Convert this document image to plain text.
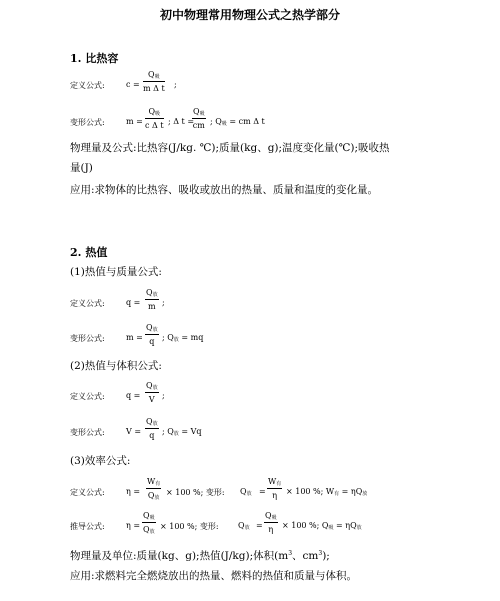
初中物理常用物理公式之热学部分
1. 比热容
定义公式:	c =
$Q_吸$
m Δ t ;
变形公式:	m =
$Q_吸$
c Δ t ; Δ t =
$Q_吸$
cm ; $Q_吸$ = cm Δ t
物理量及公式:比热容(J/kg. ℃);质量(kg、g);温度变化量(℃);吸收热
量(J)
应用:求物体的比热容、吸收或放出的热量、质量和温度的变化量。
2. 热值
(1)热值与质量公式:
定义公式:	q =
$Q_放$
m ;
变形公式:	m =
$Q_放$
q ; $Q_放$ = mq
(2)热值与体积公式:
定义公式:	q =
$Q_放$
V ;
变形公式:	V =
$Q_放$
q ; $Q_放 = Vq$
(3)效率公式:
定义公式:	η =
$W_有$
$Q_放$
× 100 %; 变形: $Q_放$ =
$W_有$
η	× 100 %; $W_有 = \eta Q_放$
推导公式:	η =
$Q_吸$
$Q_放$
× 100 %; 变形: $Q_放$ =
$Q_吸$
η	× 100 %; $Q_吸 = \eta Q_放$
物理量及单位:质量(kg、g);热值(J/kg);体积($m^3$、$cm^3$);
应用:求燃料完全燃烧放出的热量、燃料的热值和质量与体积。
